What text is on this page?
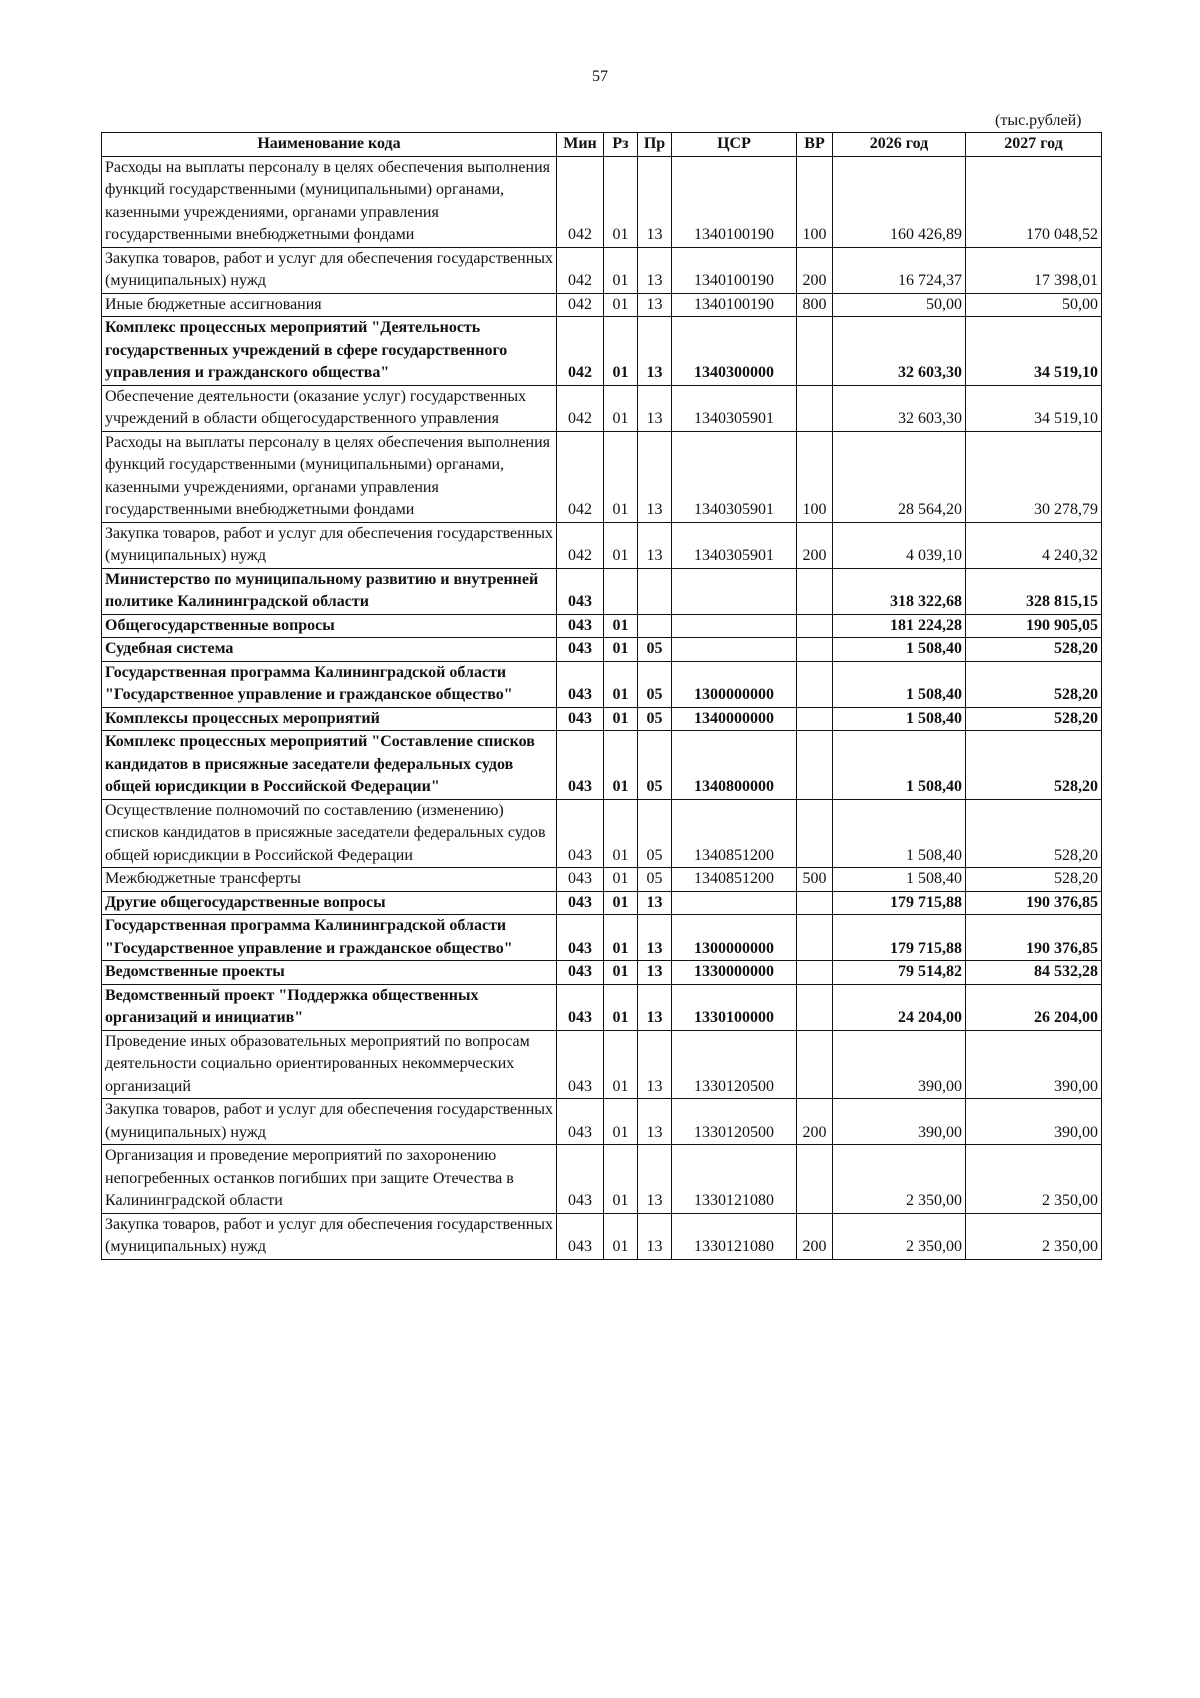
57
(тыс.рублей)
Наименование кода	Мин	Рз	Пр	ЦСР	ВР	2026 год	2027 год
Расходы на выплаты персоналу в целях обеспечения выполнения функций государственными (муниципальными) органами, казенными учреждениями, органами управления государственными внебюджетными фондами	042	01	13	1340100190	100	160 426,89	170 048,52
Закупка товаров, работ и услуг для обеспечения государственных (муниципальных) нужд	042	01	13	1340100190	200	16 724,37	17 398,01
Иные бюджетные ассигнования	042	01	13	1340100190	800	50,00	50,00
Комплекс процессных мероприятий "Деятельность государственных учреждений в сфере государственного управления и гражданского общества"	042	01	13	1340300000		32 603,30	34 519,10
Обеспечение деятельности (оказание услуг) государственных учреждений в области общегосударственного управления	042	01	13	1340305901		32 603,30	34 519,10
Расходы на выплаты персоналу в целях обеспечения выполнения функций государственными (муниципальными) органами, казенными учреждениями, органами управления государственными внебюджетными фондами	042	01	13	1340305901	100	28 564,20	30 278,79
Закупка товаров, работ и услуг для обеспечения государственных (муниципальных) нужд	042	01	13	1340305901	200	4 039,10	4 240,32
Министерство по муниципальному развитию и внутренней политике Калининградской области	043					318 322,68	328 815,15
Общегосударственные вопросы	043	01				181 224,28	190 905,05
Судебная система	043	01	05			1 508,40	528,20
Государственная программа Калининградской области "Государственное управление и гражданское общество"	043	01	05	1300000000		1 508,40	528,20
Комплексы процессных мероприятий	043	01	05	1340000000		1 508,40	528,20
Комплекс процессных мероприятий "Составление списков кандидатов в присяжные заседатели федеральных судов общей юрисдикции в Российской Федерации"	043	01	05	1340800000		1 508,40	528,20
Осуществление полномочий по составлению (изменению) списков кандидатов в присяжные заседатели федеральных судов общей юрисдикции в Российской Федерации	043	01	05	1340851200		1 508,40	528,20
Межбюджетные трансферты	043	01	05	1340851200	500	1 508,40	528,20
Другие общегосударственные вопросы	043	01	13			179 715,88	190 376,85
Государственная программа Калининградской области "Государственное управление и гражданское общество"	043	01	13	1300000000		179 715,88	190 376,85
Ведомственные проекты	043	01	13	1330000000		79 514,82	84 532,28
Ведомственный проект "Поддержка общественных организаций и инициатив"	043	01	13	1330100000		24 204,00	26 204,00
Проведение иных образовательных мероприятий по вопросам деятельности социально ориентированных некоммерческих организаций	043	01	13	1330120500		390,00	390,00
Закупка товаров, работ и услуг для обеспечения государственных (муниципальных) нужд	043	01	13	1330120500	200	390,00	390,00
Организация и проведение мероприятий по захоронению непогребенных останков погибших при защите Отечества в Калининградской области	043	01	13	1330121080		2 350,00	2 350,00
Закупка товаров, работ и услуг для обеспечения государственных (муниципальных) нужд	043	01	13	1330121080	200	2 350,00	2 350,00
